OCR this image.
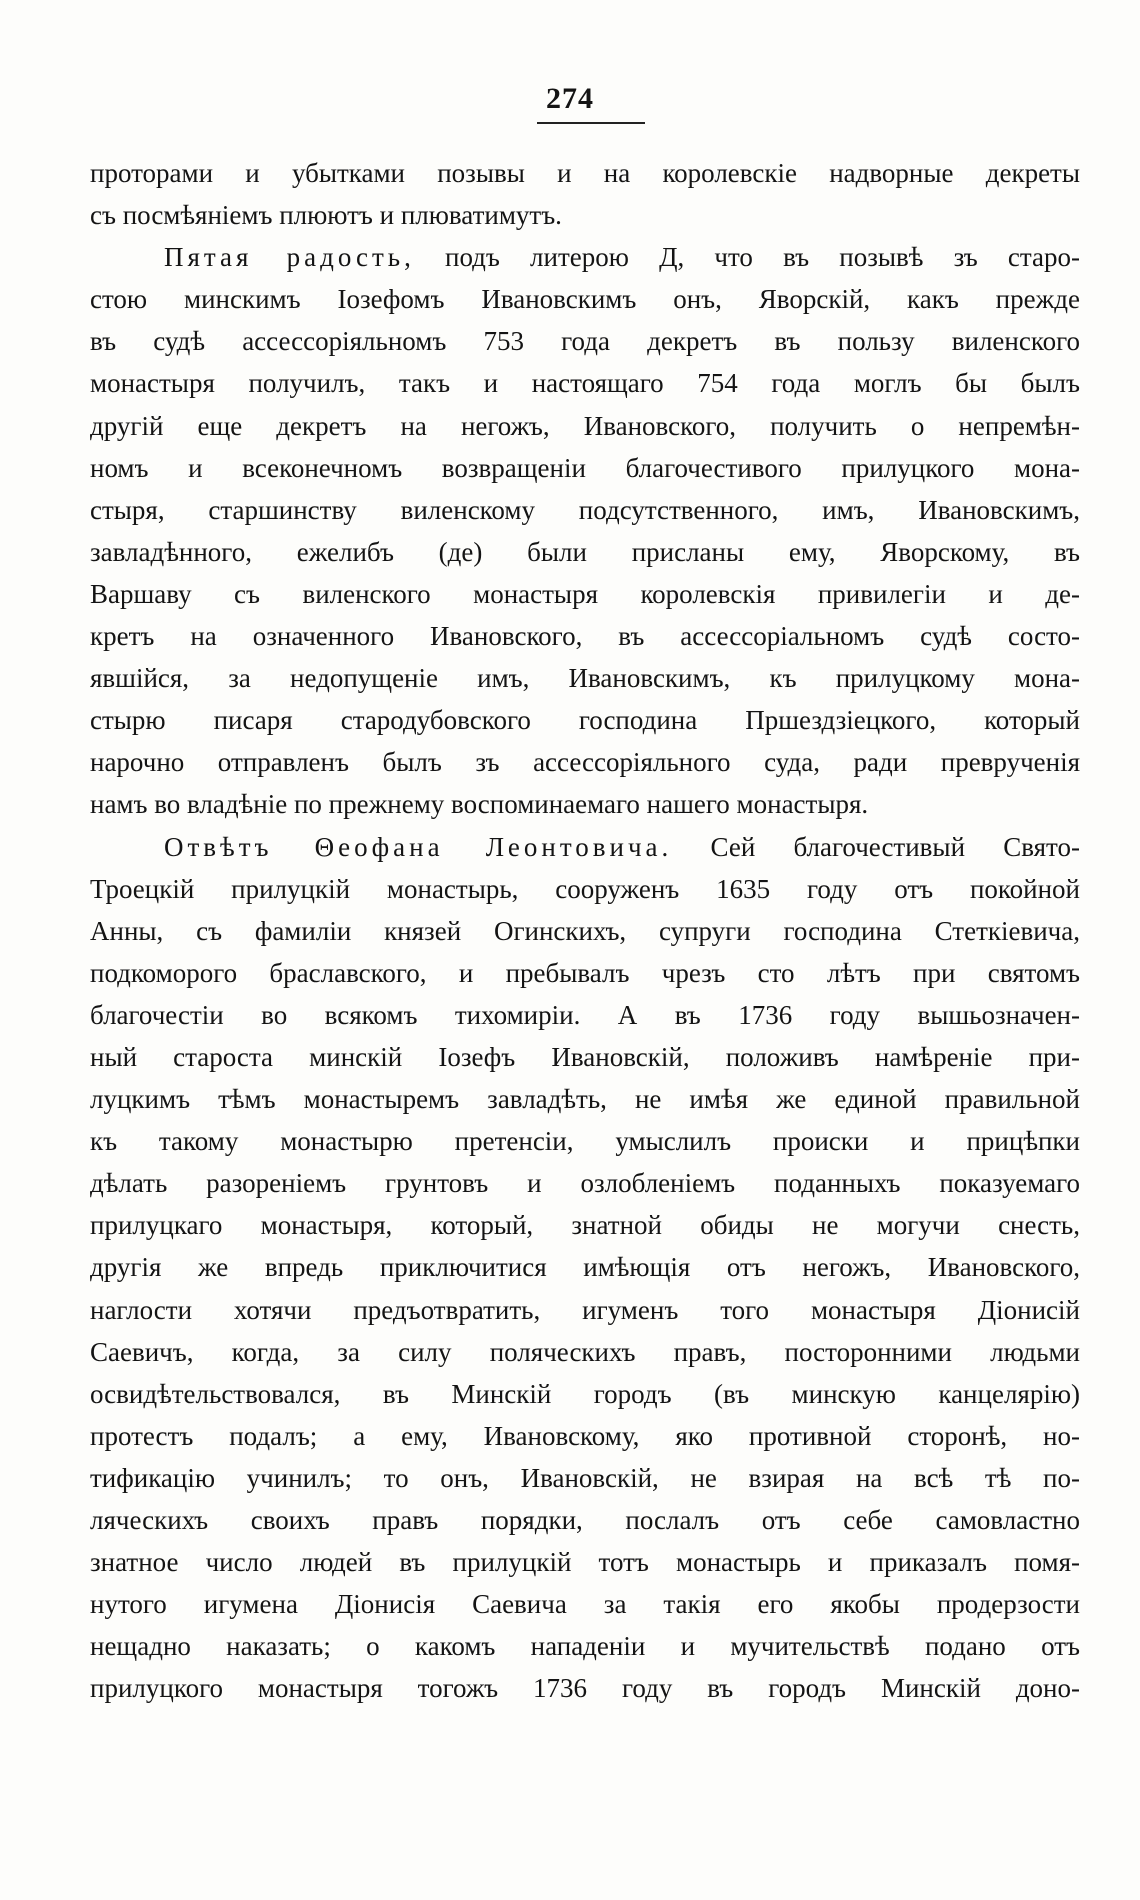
274
проторами и убытками позывы и на королевскіе надворные декреты
съ посмѣяніемъ плюютъ и плюватимутъ.
Пятая радость, подъ литерою Д, что въ позывѣ зъ старо-
стою минскимъ Іозефомъ Ивановскимъ онъ, Яворскій, какъ прежде
въ судѣ ассессоріяльномъ 753 года декретъ въ пользу виленского
монастыря получилъ, такъ и настоящаго 754 года моглъ бы былъ
другій еще декретъ на негожъ, Ивановского, получить о непремѣн-
номъ и всеконечномъ возвращеніи благочестивого прилуцкого мона-
стыря, старшинству виленскому подсутственного, имъ, Ивановскимъ,
завладѣнного, ежелибъ (де) были присланы ему, Яворскому, въ
Варшаву съ виленского монастыря королевскія привилегіи и де-
кретъ на означенного Ивановского, въ ассессоріальномъ судѣ состо-
явшійся, за недопущеніе имъ, Ивановскимъ, къ прилуцкому мона-
стырю писаря стародубовского господина Пршездзіецкого, который
нарочно отправленъ былъ зъ ассессоріяльного суда, ради преврученія
намъ во владѣніе по прежнему воспоминаемаго нашего монастыря.
Отвѣтъ Θеофана Леонтовича. Сей благочестивый Свято-
Троецкій прилуцкій монастырь, сооруженъ 1635 году отъ покойной
Анны, съ фамиліи князей Огинскихъ, супруги господина Стеткіевича,
подкоморого браславского, и пребывалъ чрезъ сто лѣтъ при святомъ
благочестіи во всякомъ тихомиріи. А въ 1736 году вышьозначен-
ный староста минскій Іозефъ Ивановскій, положивъ намѣреніе при-
луцкимъ тѣмъ монастыремъ завладѣть, не имѣя же единой правильной
къ такому монастырю претенсіи, умыслилъ происки и прицѣпки
дѣлать разореніемъ грунтовъ и озлобленіемъ поданныхъ показуемаго
прилуцкаго монастыря, который, знатной обиды не могучи снесть,
другія же впредь приключитися имѣющія отъ негожъ, Ивановского,
наглости хотячи предъотвратить, игуменъ того монастыря Діонисій
Саевичъ, когда, за силу поляческихъ правъ, посторонними людьми
освидѣтельствовался, въ Минскій городъ (въ минскую канцелярію)
протестъ подалъ; а ему, Ивановскому, яко противной сторонѣ, но-
тификацію учинилъ; то онъ, Ивановскій, не взирая на всѣ тѣ по-
ляческихъ своихъ правъ порядки, послалъ отъ себе самовластно
знатное число людей въ прилуцкій тотъ монастырь и приказалъ помя-
нутого игумена Діонисія Саевича за такія его якобы продерзости
нещадно наказать; о какомъ нападеніи и мучительствѣ подано отъ
прилуцкого монастыря тогожъ 1736 году въ городъ Минскій доно-
